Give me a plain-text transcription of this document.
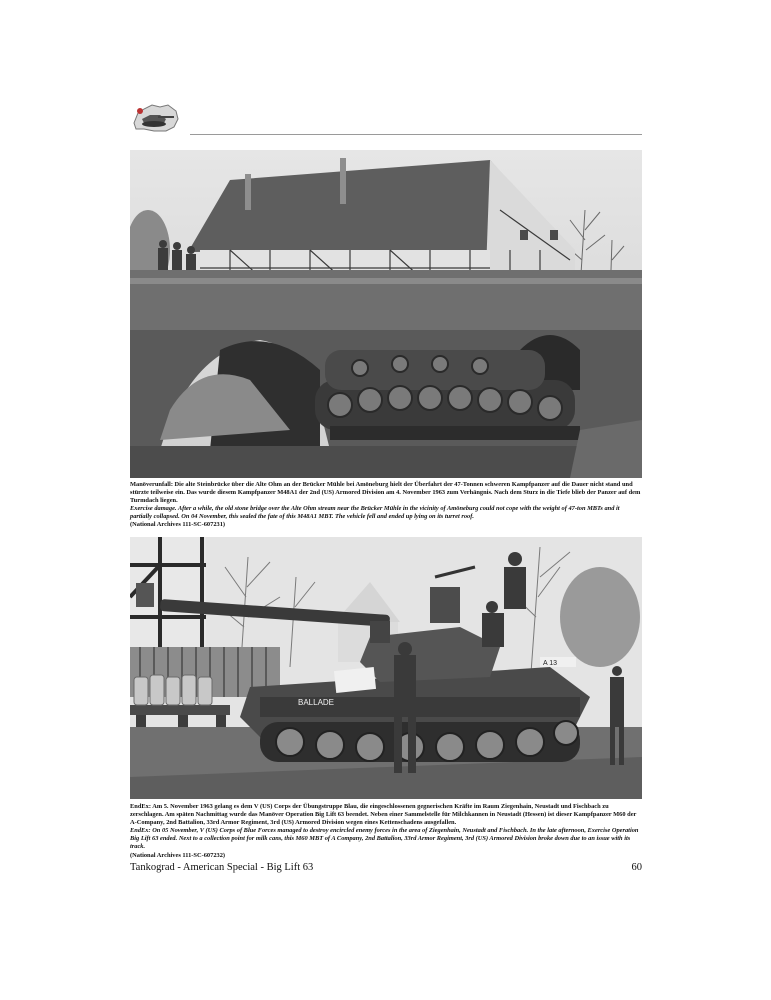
Manöverunfall: Die alte Steinbrücke über die Alte Ohm an der Brücker Mühle bei Amöneburg hielt der Überfahrt der 47-Tonnen schweren Kampfpanzer auf die Dauer nicht stand und stürzte teilweise ein. Das wurde diesem Kampfpanzer M48A1 der 2nd (US) Armored Division am 4. November 1963 zum Verhängnis. Nach dem Sturz in die Tiefe blieb der Panzer auf dem Turmdach liegen.

Exercise damage. After a while, the old stone bridge over the Alte Ohm stream near the Brücker Mühle in the vicinity of Amöneburg could not cope with the weight of 47-ton MBTs and it partially collapsed. On 04 November, this sealed the fate of this M48A1 MBT. The vehicle fell and ended up lying on its turret roof.

(National Archives 111-SC-607231)

BALLADE
A 13

EndEx: Am 5. November 1963 gelang es dem V (US) Corps der Übungstruppe Blau, die eingeschlossenen gegnerischen Kräfte im Raum Ziegenhain, Neustadt und Fischbach zu zerschlagen. Am späten Nachmittag wurde das Manöver Operation Big Lift 63 beendet. Neben einer Sammelstelle für Milchkannen in Neustadt (Hessen) ist dieser Kampfpanzer M60 der A-Company, 2nd Battalion, 33rd Armor Regiment, 3rd (US) Armored Division wegen eines Kettenschadens ausgefallen.

EndEx: On 05 November, V (US) Corps of Blue Forces managed to destroy encircled enemy forces in the area of Ziegenhain, Neustadt and Fischbach. In the late afternoon, Exercise Operation Big Lift 63 ended. Next to a collection point for milk cans, this M60 MBT of A Company, 2nd Battalion, 33rd Armor Regiment, 3rd (US) Armored Division broke down due to an issue with its track.

(National Archives 111-SC-607232)

Tankograd - American Special - Big Lift 63	60
